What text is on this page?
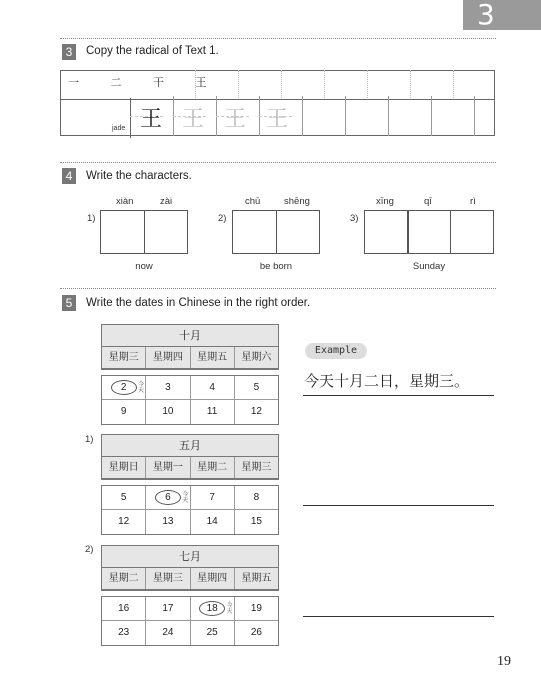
3
3	Copy the radical of Text 1.
一 二 干 王
jade 王 王 王 王
4	Write the characters.
xiàn	zài
1)
now
chū shēng
2)
be born
xīng	qī	rì
3)
Sunday
5	Write the dates in Chinese in the right order.
十月
星期三	星期四	星期五	星期六
2 今天	3	4	5
9	10	11	12
Example
今天十月二日，星期三。
1)	五月
星期日	星期一	星期二	星期三
5	6 今天	7	8
12	13	14	15
2)
七月
星期二	星期三	星期四	星期五
16	17	18 今天	19
23	24	25	26
19
